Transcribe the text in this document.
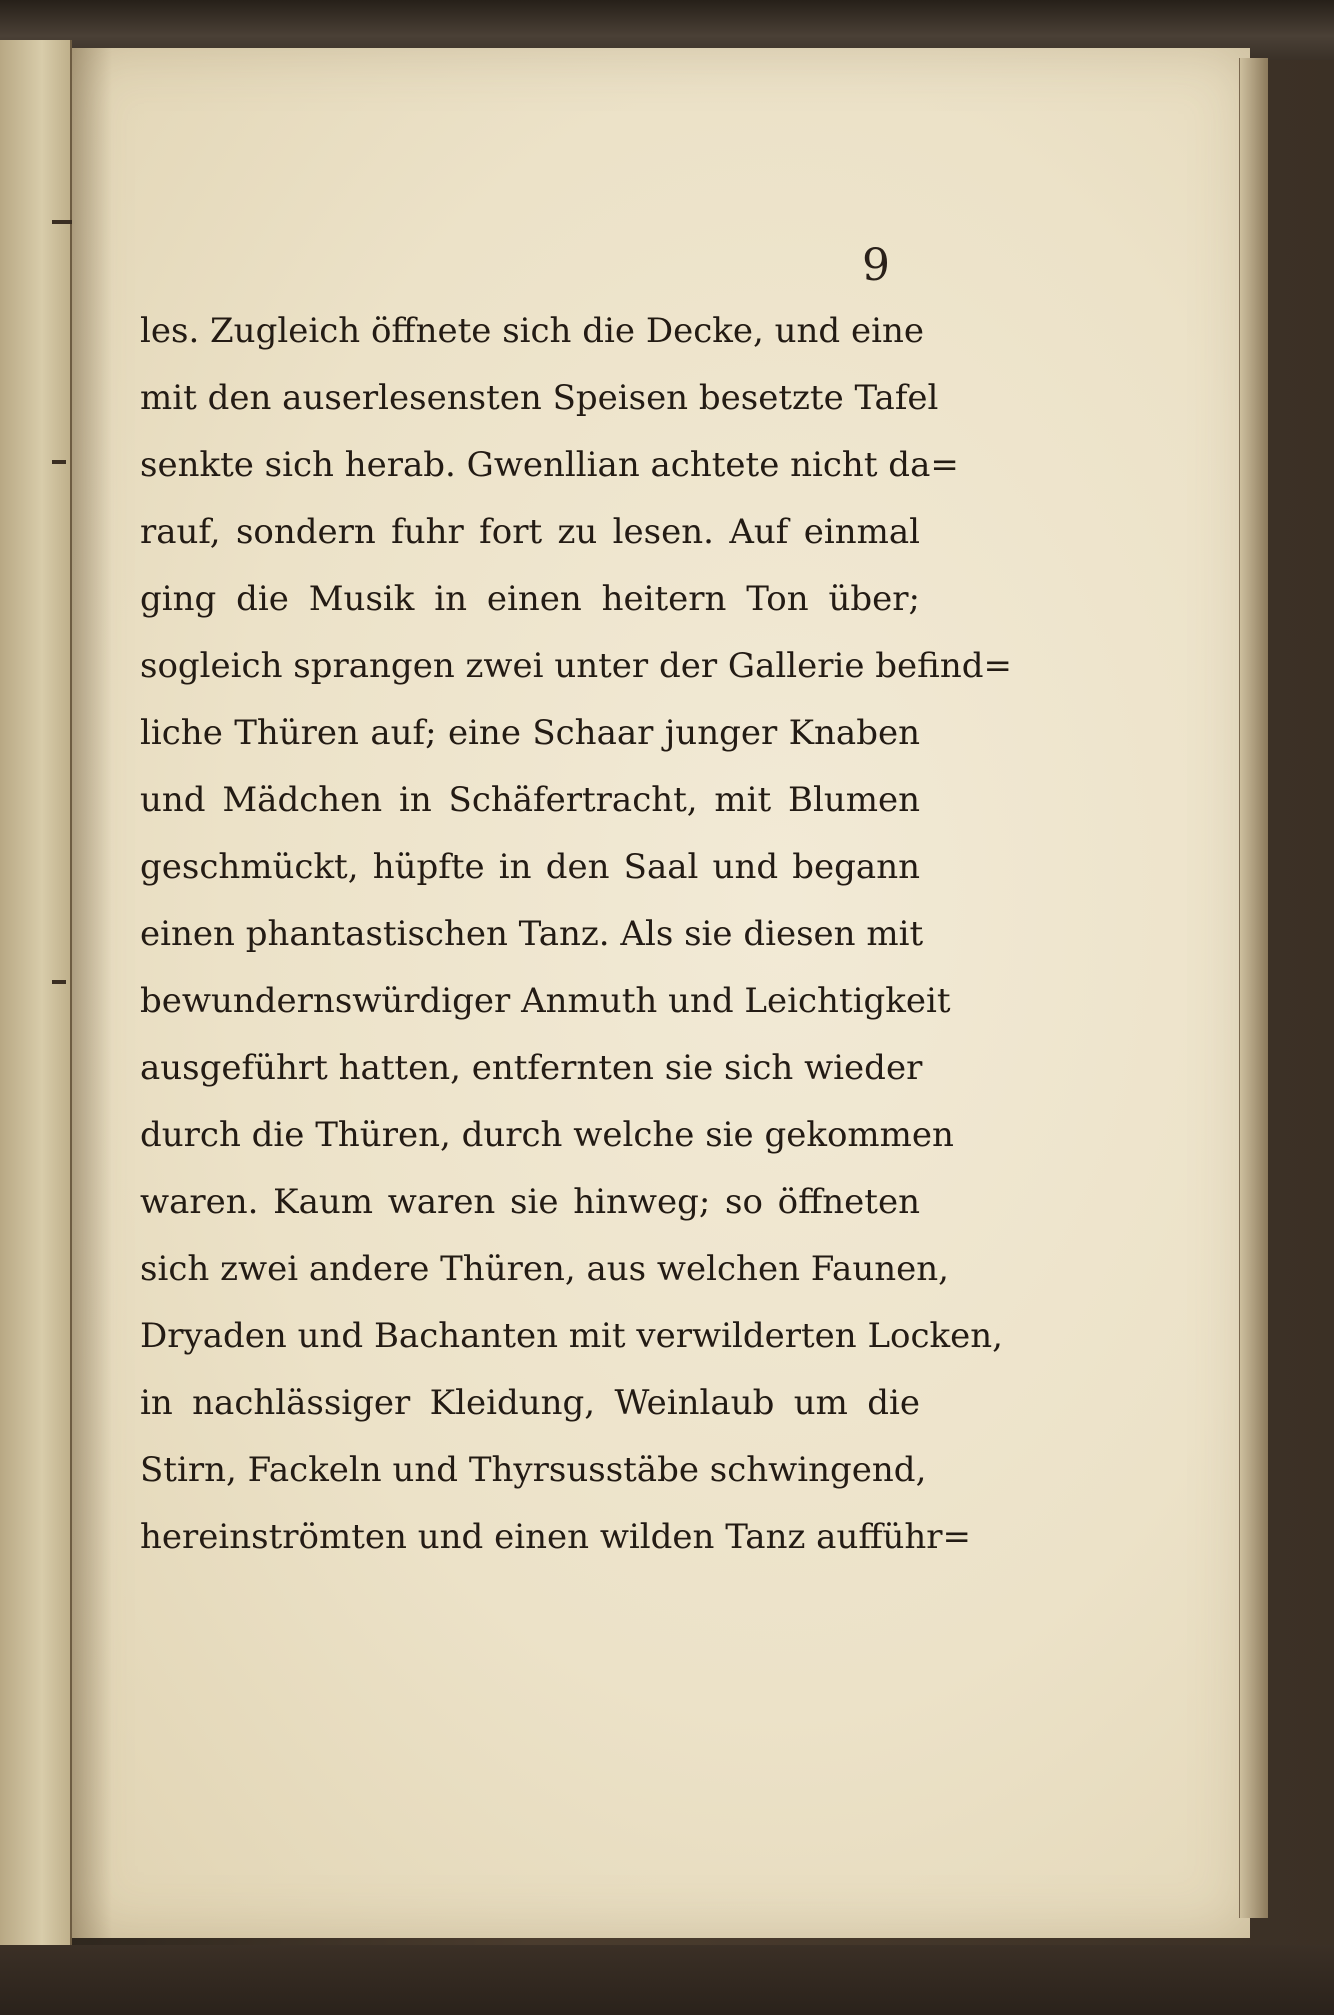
9
les. Zugleich öffnete sich die Decke, und eine
mit den auserlesensten Speisen besetzte Tafel
senkte sich herab. Gwenllian achtete nicht da=
rauf, sondern fuhr fort zu lesen. Auf einmal
ging die Musik in einen heitern Ton über;
sogleich sprangen zwei unter der Gallerie befind=
liche Thüren auf; eine Schaar junger Knaben
und Mädchen in Schäfertracht, mit Blumen
geschmückt, hüpfte in den Saal und begann
einen phantastischen Tanz. Als sie diesen mit
bewundernswürdiger Anmuth und Leichtigkeit
ausgeführt hatten, entfernten sie sich wieder
durch die Thüren, durch welche sie gekommen
waren. Kaum waren sie hinweg; so öffneten
sich zwei andere Thüren, aus welchen Faunen,
Dryaden und Bachanten mit verwilderten Locken,
in nachlässiger Kleidung, Weinlaub um die
Stirn, Fackeln und Thyrsusstäbe schwingend,
hereinströmten und einen wilden Tanz aufführ=
